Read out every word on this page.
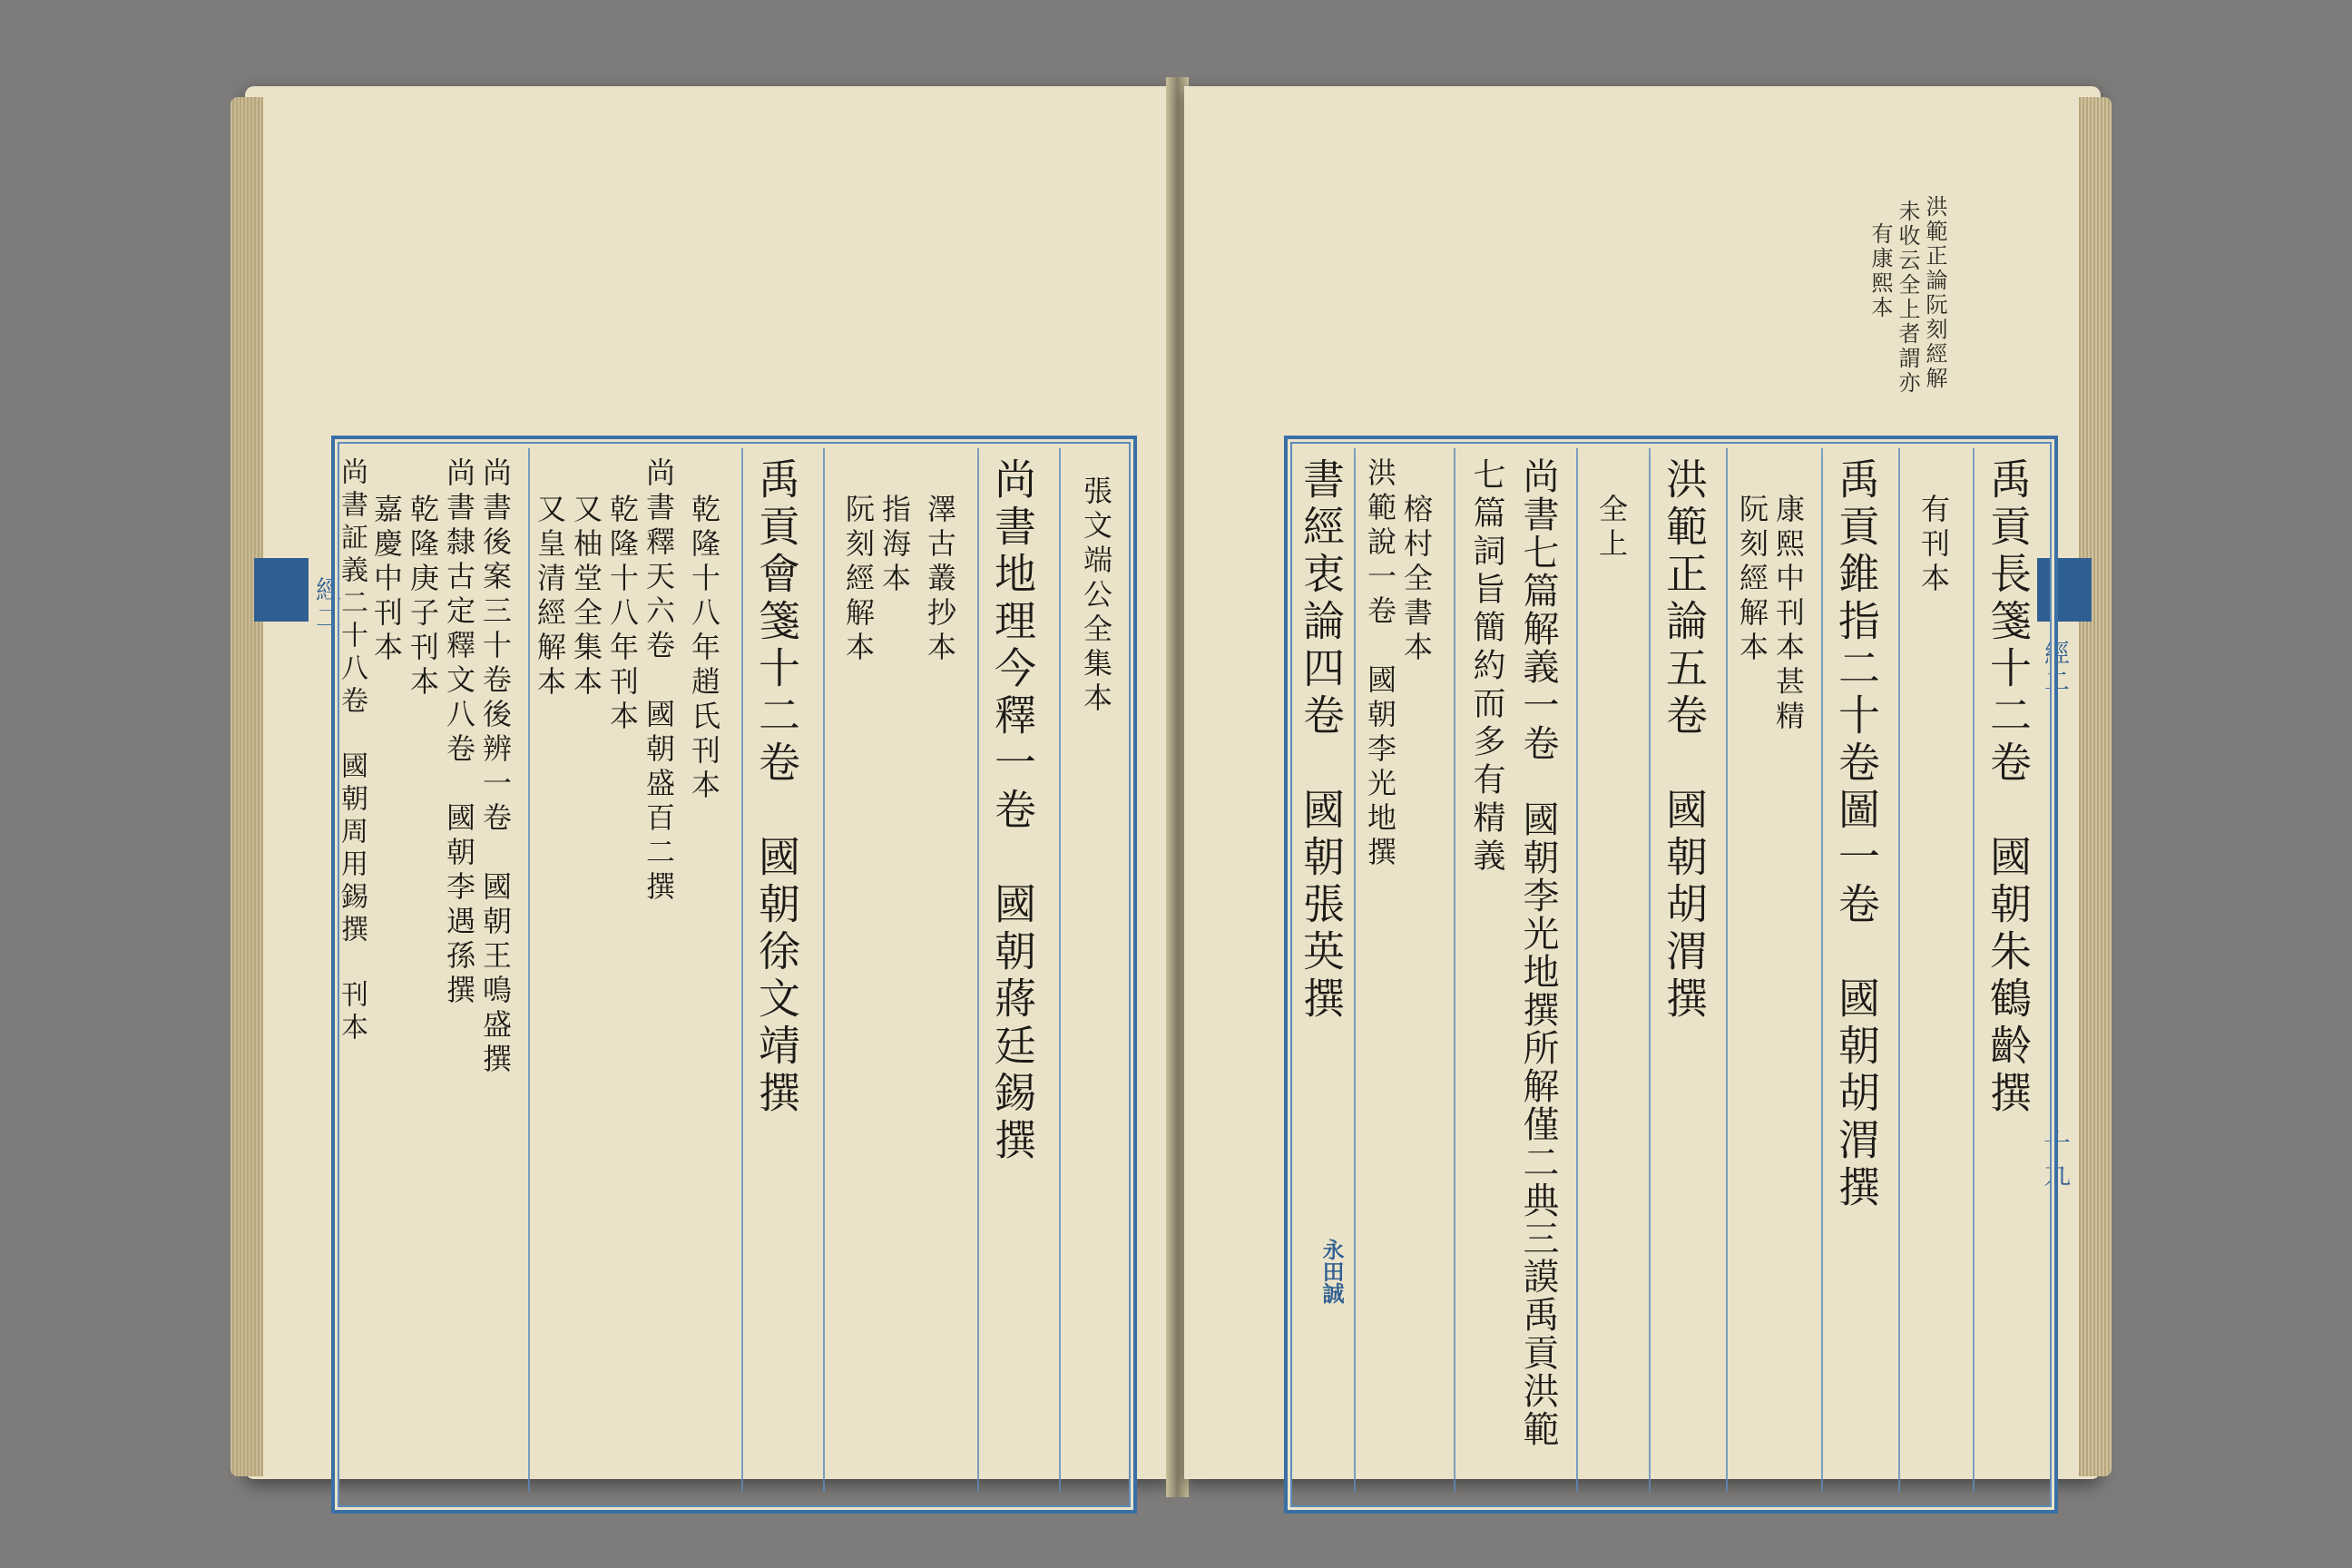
經二	張文端公全集本
尚書地理今釋一卷　國朝蔣廷錫撰
澤古叢抄本
指海本
阮刻經解本
禹貢會箋十二卷　國朝徐文靖撰
乾隆十八年趙氏刊本
尚書釋天六卷　國朝盛百二撰
乾隆十八年刊本
又柚堂全集本
又皇清經解本
尚書後案三十卷後辨一卷　國朝王鳴盛撰
尚書隸古定釋文八卷　國朝李遇孫撰
乾隆庚子刊本
嘉慶中刊本
尚書証義二十八卷　國朝周用錫撰　刊本	經二
十九
洪範正論阮刻經解
未收云全上者謂亦
有康熙本
禹貢長箋十二卷　國朝朱鶴齡撰
有刊本
禹貢錐指二十卷圖一卷　國朝胡渭撰
康熙中刊本甚精
阮刻經解本
洪範正論五卷　國朝胡渭撰
全上
尚書七篇解義一卷　國朝李光地撰所解僅二典三謨禹貢洪範
七篇詞旨簡約而多有精義
榕村全書本
洪範說一卷　國朝李光地撰
書經衷論四卷　國朝張英撰
永田誠
